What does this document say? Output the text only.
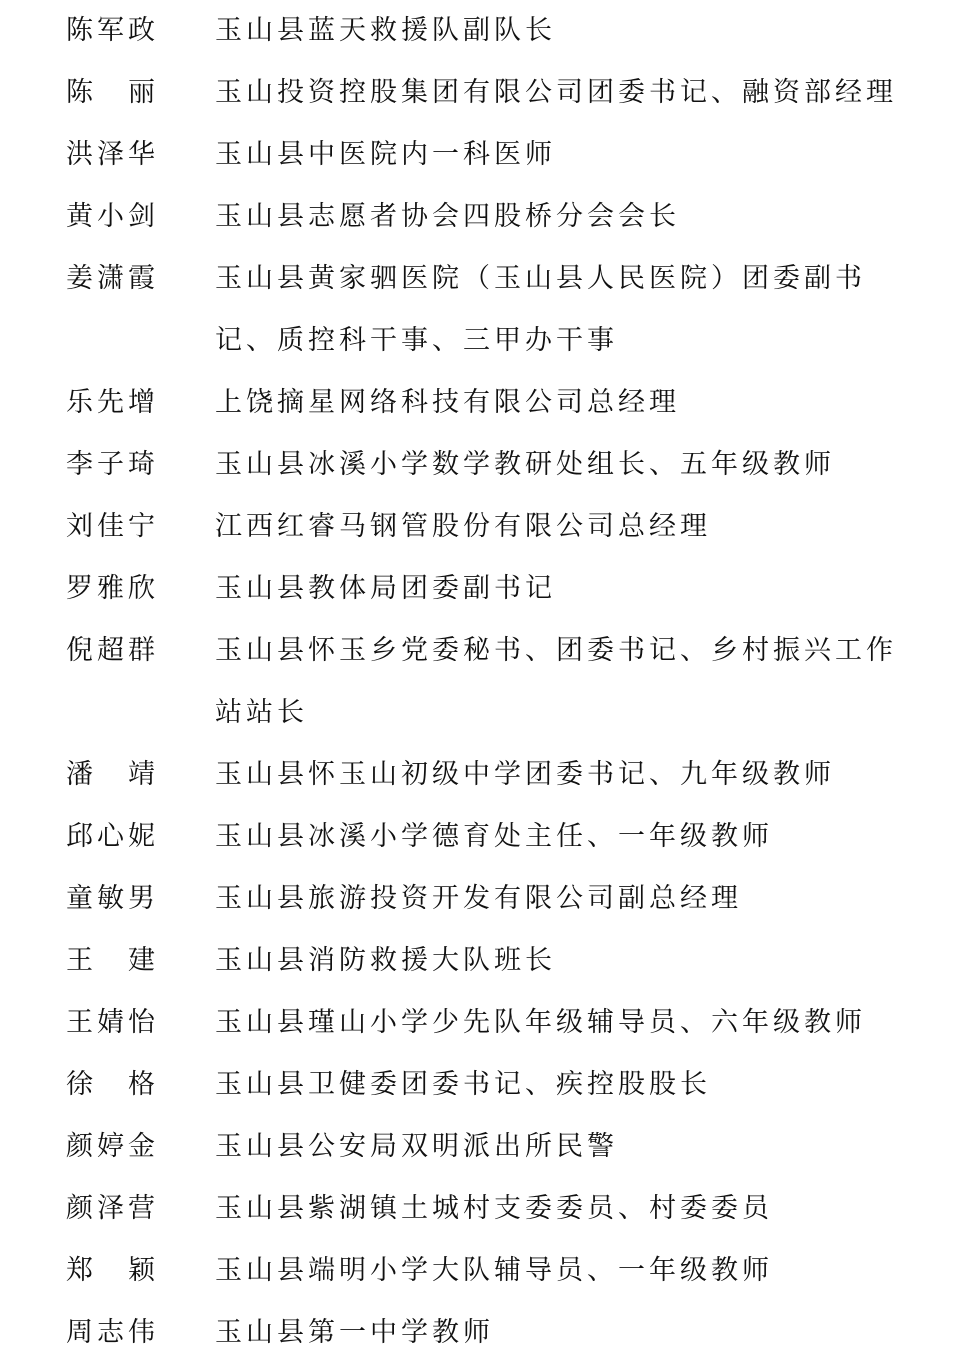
陈军政	玉山县蓝天救援队副队长
陈　丽	玉山投资控股集团有限公司团委书记、融资部经理
洪泽华	玉山县中医院内一科医师
黄小剑	玉山县志愿者协会四股桥分会会长
姜潇霞	玉山县黄家驷医院（玉山县人民医院）团委副书记、质控科干事、三甲办干事
乐先增	上饶摘星网络科技有限公司总经理
李子琦	玉山县冰溪小学数学教研处组长、五年级教师
刘佳宁	江西红睿马钢管股份有限公司总经理
罗雅欣	玉山县教体局团委副书记
倪超群	玉山县怀玉乡党委秘书、团委书记、乡村振兴工作站站长
潘　靖	玉山县怀玉山初级中学团委书记、九年级教师
邱心妮	玉山县冰溪小学德育处主任、一年级教师
童敏男	玉山县旅游投资开发有限公司副总经理
王　建	玉山县消防救援大队班长
王婧怡	玉山县瑾山小学少先队年级辅导员、六年级教师
徐　格	玉山县卫健委团委书记、疾控股股长
颜婷金	玉山县公安局双明派出所民警
颜泽营	玉山县紫湖镇土城村支委委员、村委委员
郑　颖	玉山县端明小学大队辅导员、一年级教师
周志伟	玉山县第一中学教师
